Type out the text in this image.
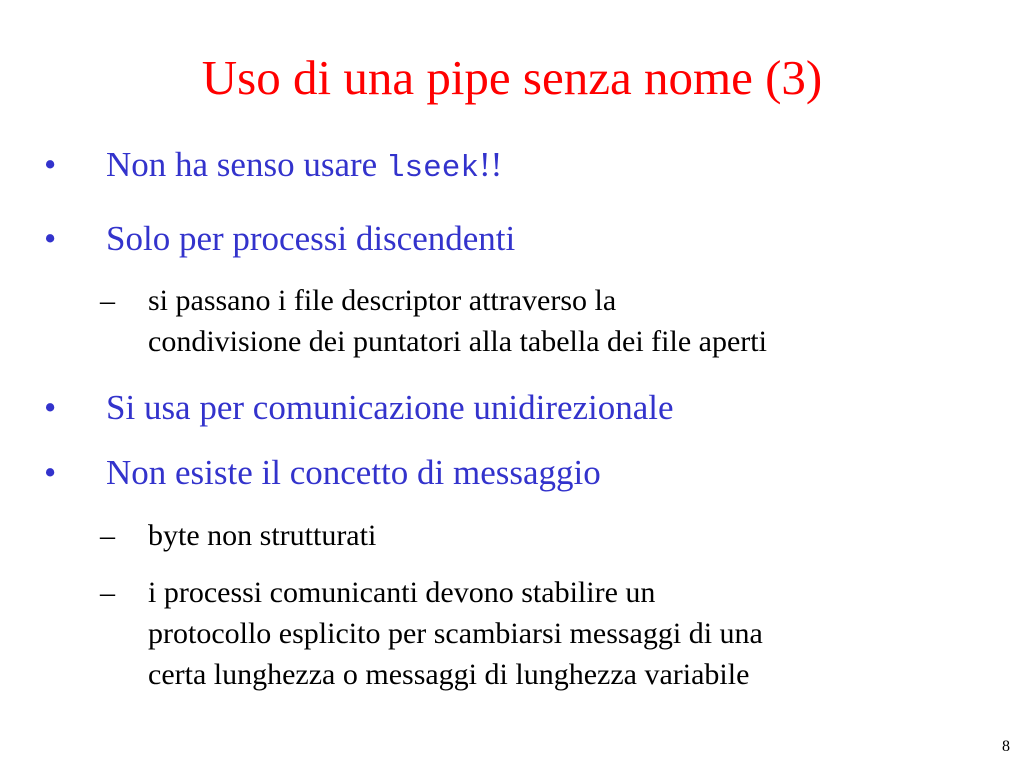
Uso di una pipe senza nome (3)
• Non ha senso usare lseek!!
• Solo per processi discendenti
– si passano i file descriptor attraverso la
condivisione dei puntatori alla tabella dei file aperti
• Si usa per comunicazione unidirezionale
• Non esiste il concetto di messaggio
– byte non strutturati
– i processi comunicanti devono stabilire un
protocollo esplicito per scambiarsi messaggi di una
certa lunghezza o messaggi di lunghezza variabile
8
